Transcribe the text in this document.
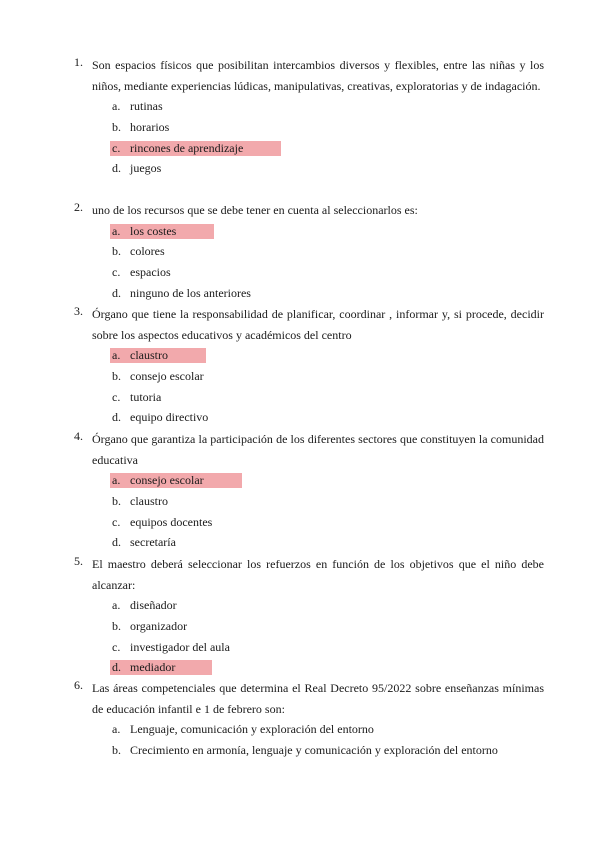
1. Son espacios físicos que posibilitan intercambios diversos y flexibles, entre las niñas y los niños, mediante experiencias lúdicas, manipulativas, creativas, exploratorias y de indagación.
a. rutinas
b. horarios
c. rincones de aprendizaje
d. juegos
2. uno de los recursos que se debe tener en cuenta al seleccionarlos es:
a. los costes
b. colores
c. espacios
d. ninguno de los anteriores
3. Órgano que tiene la responsabilidad de planificar, coordinar , informar y, si procede, decidir sobre los aspectos educativos y académicos del centro
a. claustro
b. consejo escolar
c. tutoria
d. equipo directivo
4. Órgano que garantiza la participación de los diferentes sectores que constituyen la comunidad educativa
a. consejo escolar
b. claustro
c. equipos docentes
d. secretaría
5. El maestro deberá seleccionar los refuerzos en función de los objetivos que el niño debe alcanzar:
a. diseñador
b. organizador
c. investigador del aula
d. mediador
6. Las áreas competenciales que determina el Real Decreto 95/2022 sobre enseñanzas mínimas de educación infantil e 1 de febrero son:
a. Lenguaje, comunicación y exploración del entorno
b. Crecimiento en armonía, lenguaje y comunicación y exploración del entorno
